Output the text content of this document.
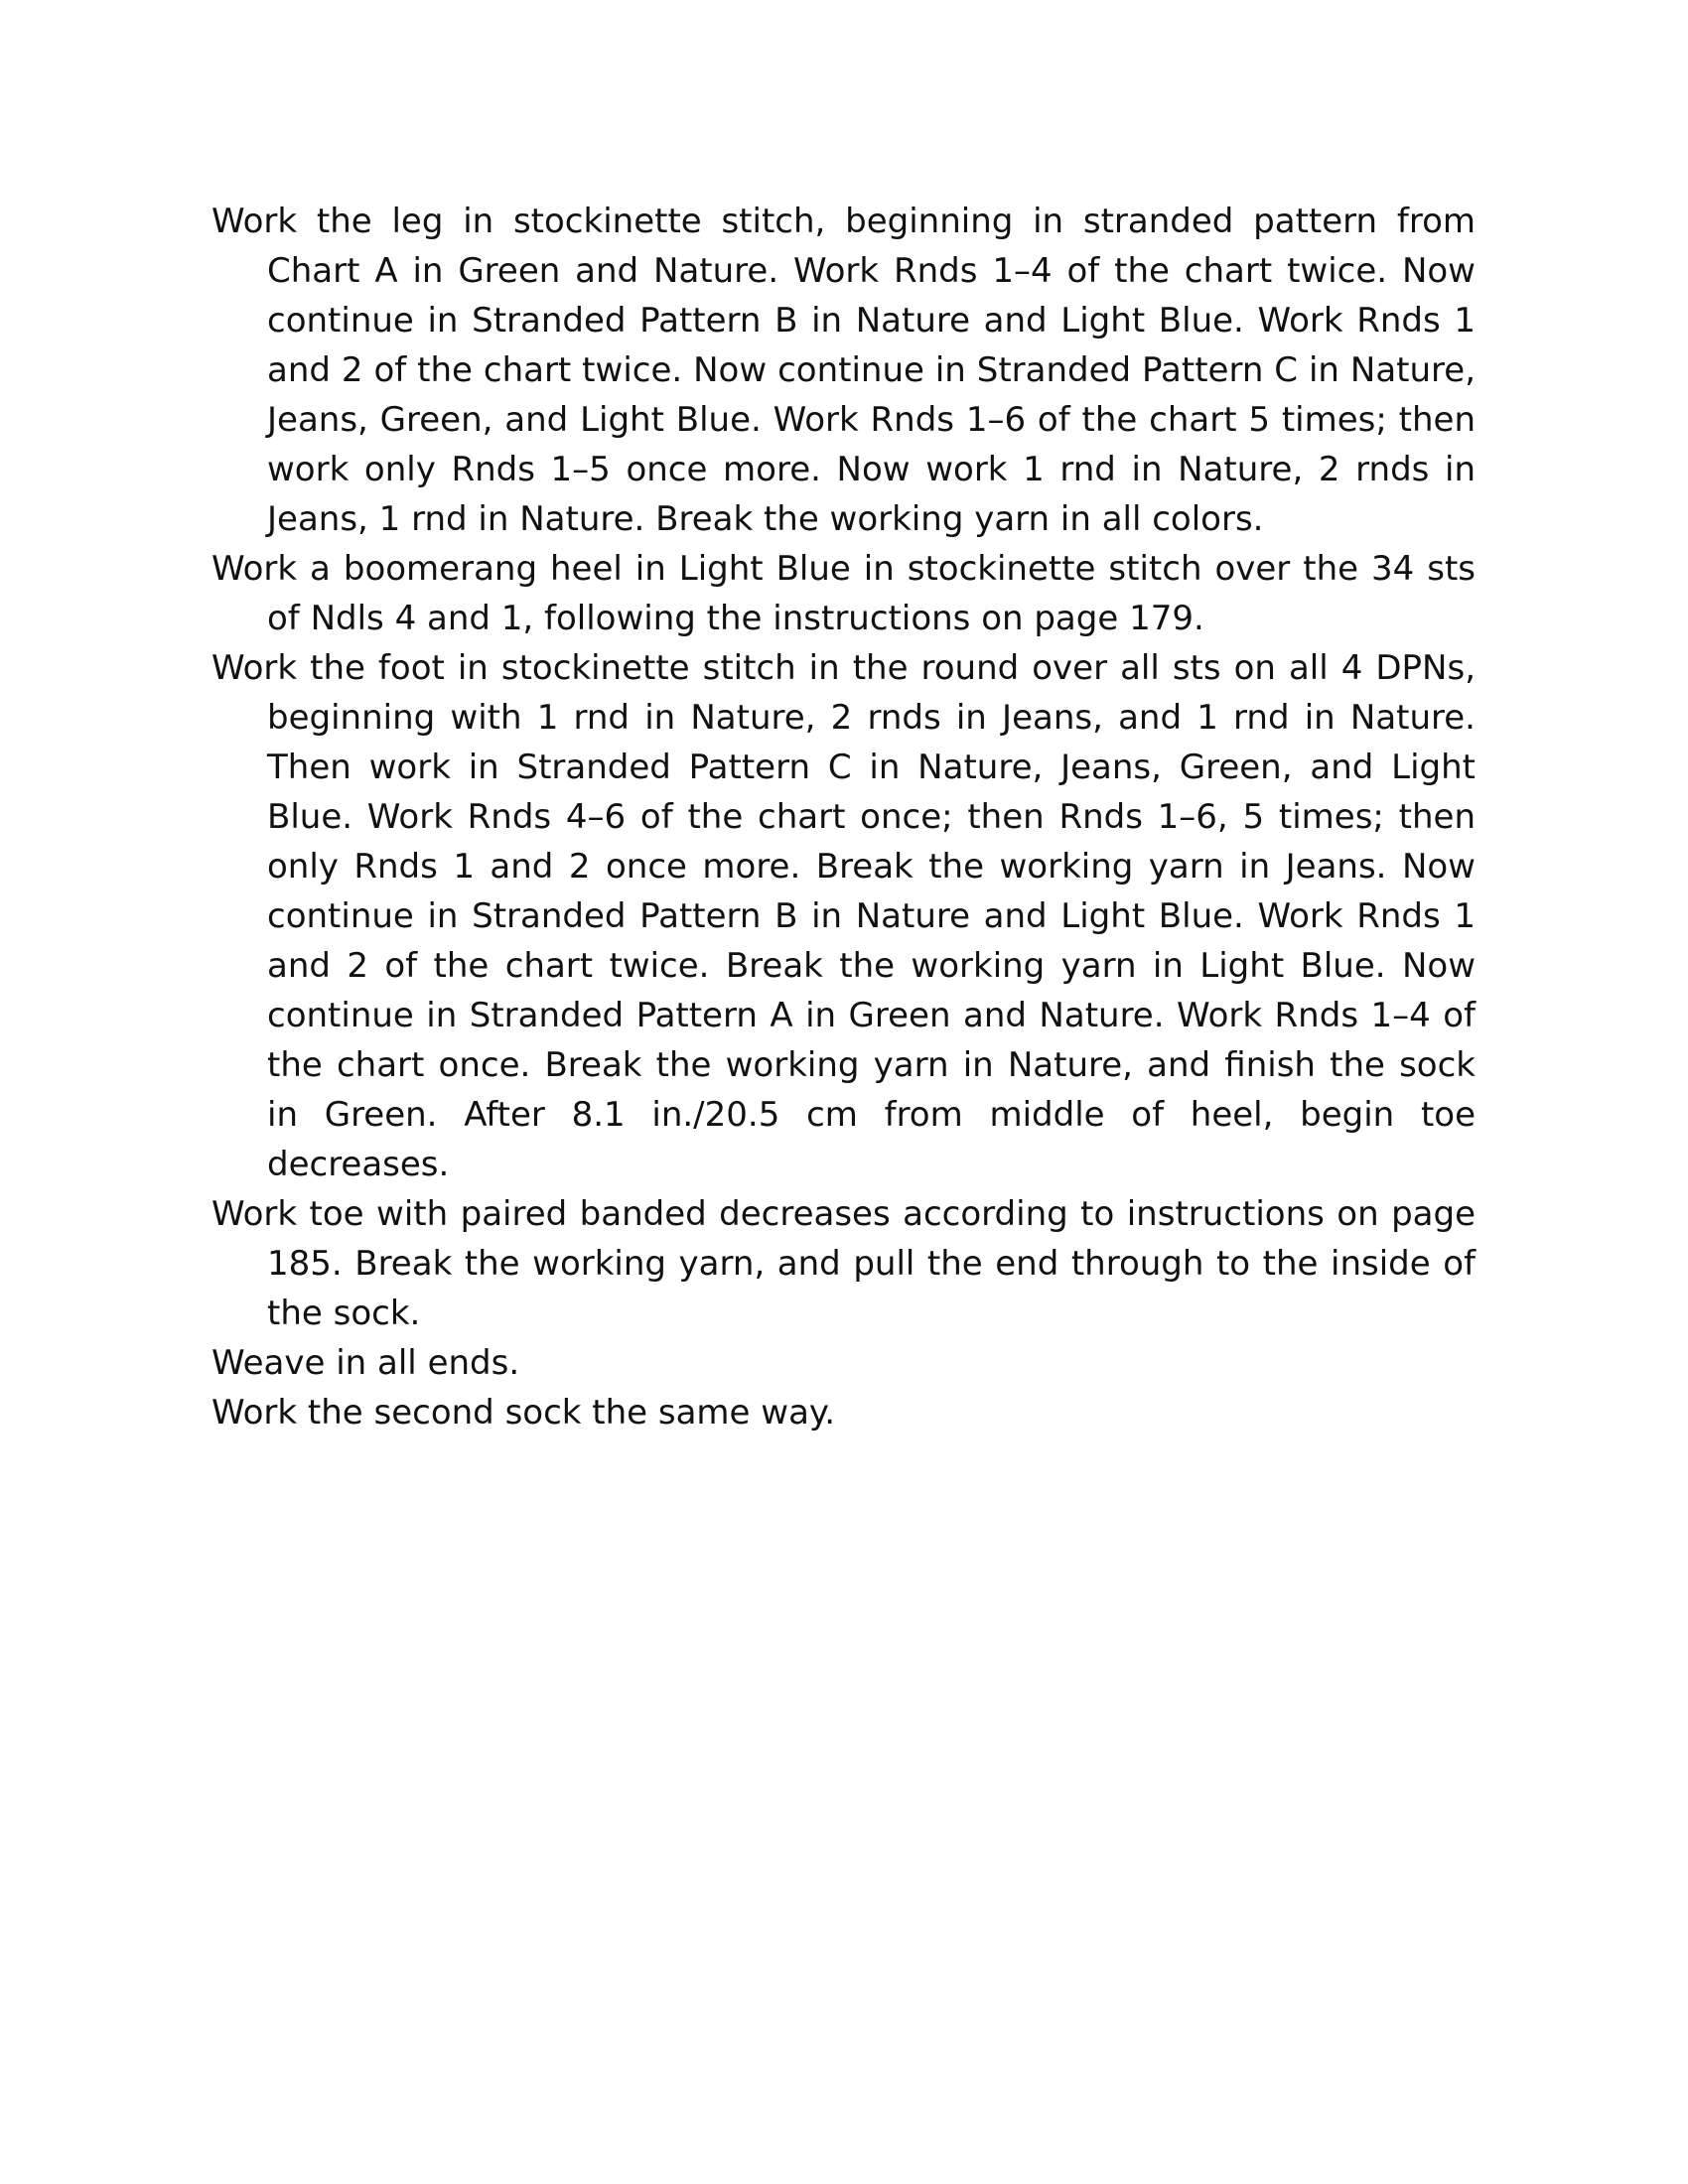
Work the leg in stockinette stitch, beginning in stranded pattern from Chart A in Green and Nature. Work Rnds 1–4 of the chart twice. Now continue in Stranded Pattern B in Nature and Light Blue. Work Rnds 1 and 2 of the chart twice. Now continue in Stranded Pattern C in Nature, Jeans, Green, and Light Blue. Work Rnds 1–6 of the chart 5 times; then work only Rnds 1–5 once more. Now work 1 rnd in Nature, 2 rnds in Jeans, 1 rnd in Nature. Break the working yarn in all colors.

Work a boomerang heel in Light Blue in stockinette stitch over the 34 sts of Ndls 4 and 1, following the instructions on page 179.

Work the foot in stockinette stitch in the round over all sts on all 4 DPNs, beginning with 1 rnd in Nature, 2 rnds in Jeans, and 1 rnd in Nature. Then work in Stranded Pattern C in Nature, Jeans, Green, and Light Blue. Work Rnds 4–6 of the chart once; then Rnds 1–6, 5 times; then only Rnds 1 and 2 once more. Break the working yarn in Jeans. Now continue in Stranded Pattern B in Nature and Light Blue. Work Rnds 1 and 2 of the chart twice. Break the working yarn in Light Blue. Now continue in Stranded Pattern A in Green and Nature. Work Rnds 1–4 of the chart once. Break the working yarn in Nature, and finish the sock in Green. After 8.1 in./20.5 cm from middle of heel, begin toe decreases.

Work toe with paired banded decreases according to instructions on page 185. Break the working yarn, and pull the end through to the inside of the sock.

Weave in all ends.

Work the second sock the same way.
